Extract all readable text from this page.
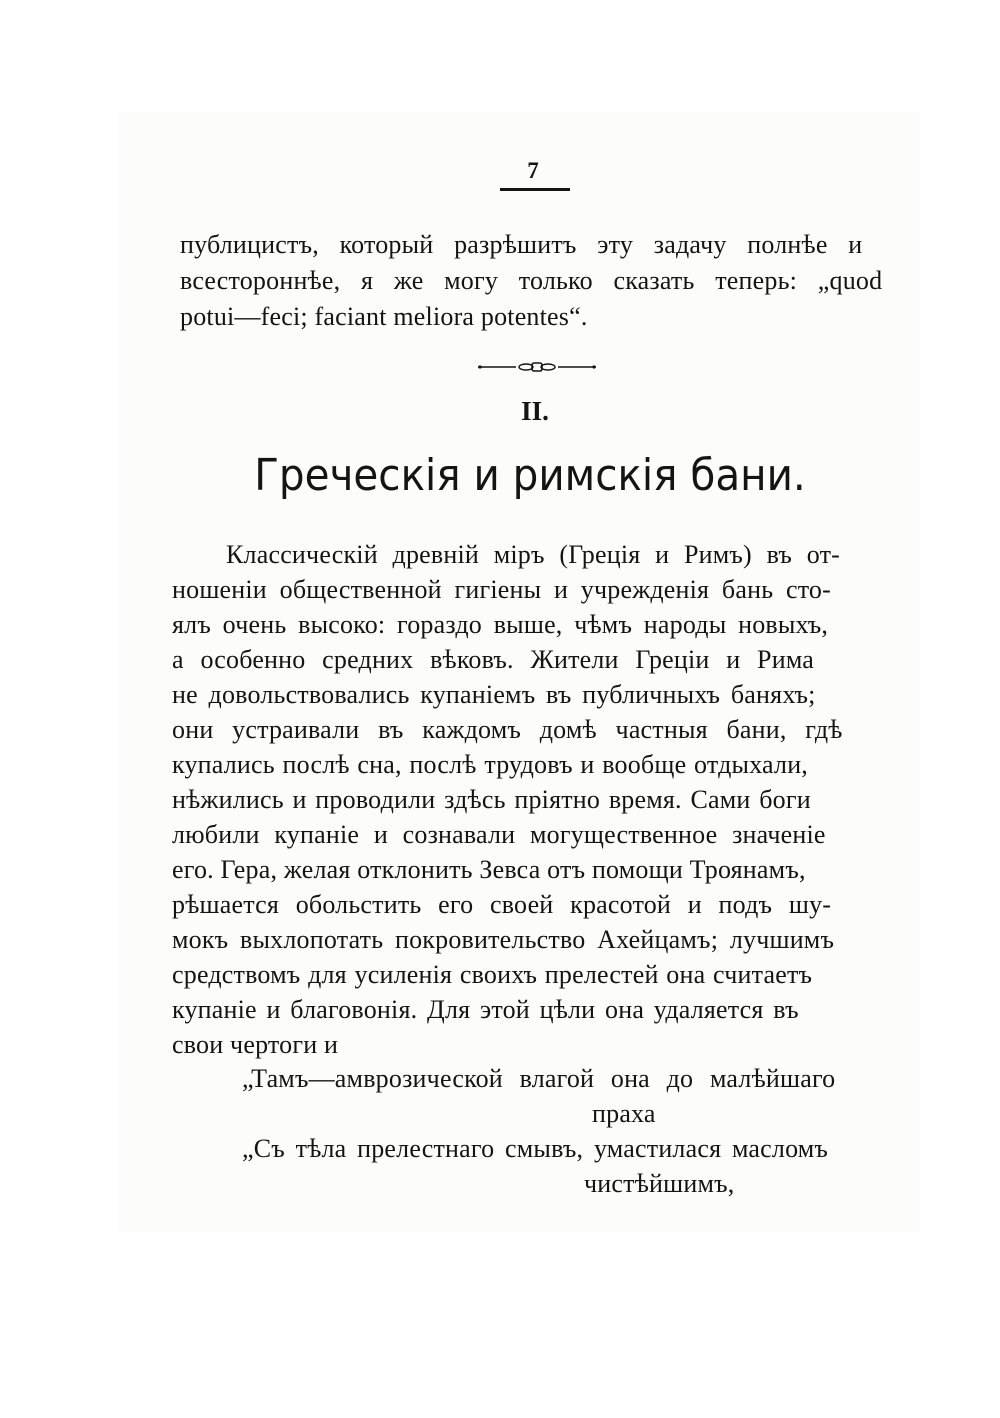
7
публицистъ, который разрѣшитъ эту задачу полнѣе и
всестороннѣе, я же могу только сказать теперь: „quod
potui—feci; faciant meliora potentes“.
II.
Греческія и римскія бани.
Классическій древній міръ (Греція и Римъ) въ от-
ношеніи общественной гигіены и учрежденія бань сто-
ялъ очень высоко: гораздо выше, чѣмъ народы новыхъ,
а особенно средних вѣковъ. Жители Греціи и Рима
не довольствовались купаніемъ въ публичныхъ баняхъ;
они устраивали въ каждомъ домѣ частныя бани, гдѣ
купались послѣ сна, послѣ трудовъ и вообще отдыхали,
нѣжились и проводили здѣсь пріятно время. Сами боги
любили купаніе и сознавали могущественное значеніе
его. Гера, желая отклонить Зевса отъ помощи Троянамъ,
рѣшается обольстить его своей красотой и подъ шу-
мокъ выхлопотать покровительство Ахейцамъ; лучшимъ
средствомъ для усиленія своихъ прелестей она считаетъ
купаніе и благовонія. Для этой цѣли она удаляется въ
свои чертоги и
„Тамъ—амврозической влагой она до малѣйшаго
праха
„Съ тѣла прелестнаго смывъ, умастилася масломъ
чистѣйшимъ,
